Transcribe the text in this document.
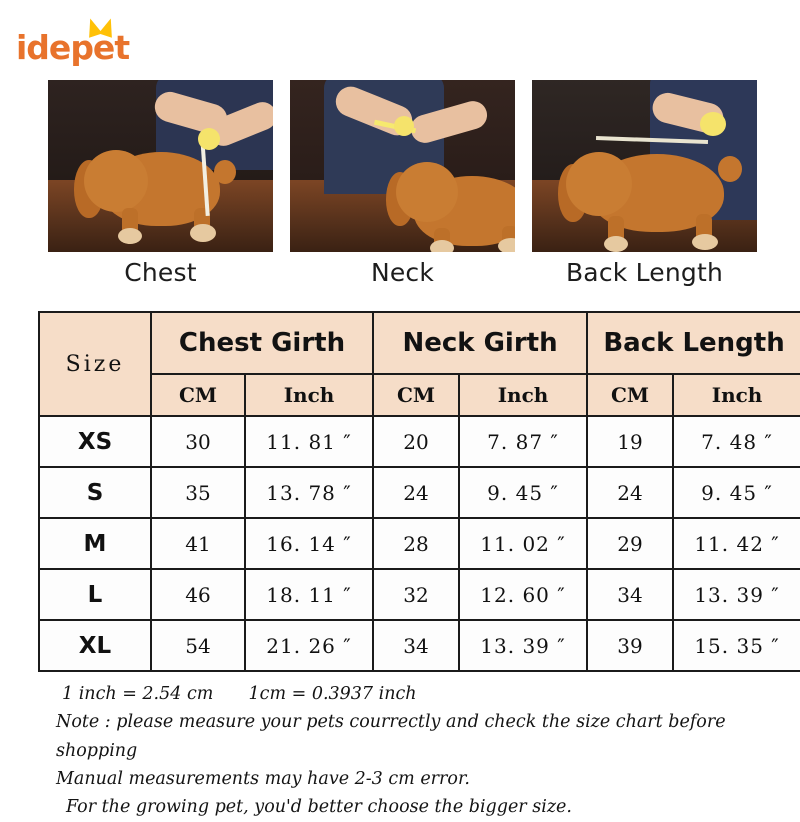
idepet
Chest	Neck	Back Length
Size	Chest Girth		Neck Girth		Back Length	
	CM	Inch	CM	Inch	CM	Inch
XS	30	11. 81 ″	20	7. 87 ″	19	7. 48 ″
S	35	13. 78 ″	24	9. 45 ″	24	9. 45 ″
M	41	16. 14 ″	28	11. 02 ″	29	11. 42 ″
L	46	18. 11 ″	32	12. 60 ″	34	13. 39 ″
XL	54	21. 26 ″	34	13. 39 ″	39	15. 35 ″
1 inch = 2.54 cm 1cm = 0.3937 inch
Note : please measure your pets courrectly and check the size chart before shopping
Manual measurements may have 2-3 cm error.
For the growing pet, you'd better choose the bigger size.
